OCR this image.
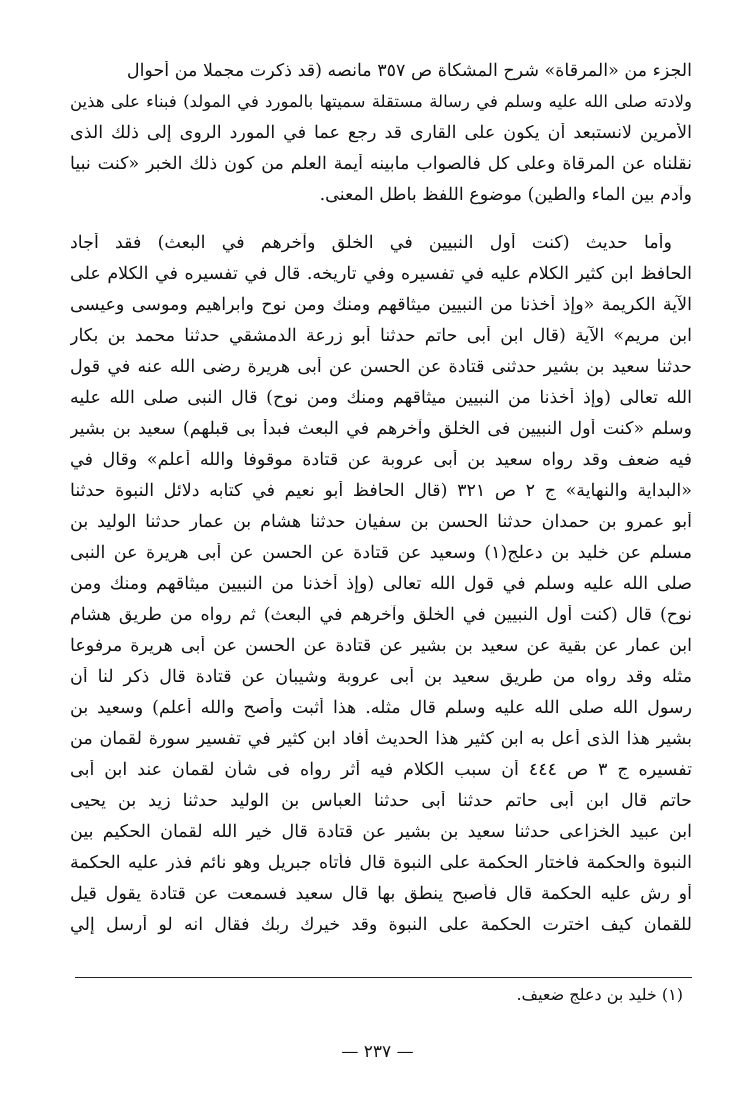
الجزء من «المرقاة» شرح المشكاة ص ٣٥٧ مانصه (قد ذكرت مجملا من أحوال
ولادته صلى الله عليه وسلم في رسالة مستقلة سميتها بالمورد في المولد) فبناء على هذين
الأمرين لانستبعد أن يكون على القارى قد رجع عما في المورد الروى إلى ذلك الذى
نقلناه عن المرقاة وعلى كل فالصواب مابينه أيمة العلم من كون ذلك الخبر «كنت نبيا
وآدم بين الماء والطين) موضوع اللفظ باطل المعنى.
وأما حديث (كنت أول النبيين في الخلق وآخرهم في البعث) فقد أجاد
الحافظ ابن كثير الكلام عليه في تفسيره وفي تاريخه. قال في تفسيره في الكلام على
الآية الكريمة «وإذ أخذنا من النبيين ميثاقهم ومنك ومن نوح وابراهيم وموسى وعيسى
ابن مريم» الآية (قال ابن أبى حاتم حدثنا أبو زرعة الدمشقي حدثنا محمد بن بكار
حدثنا سعيد بن بشير حدثنى قتادة عن الحسن عن أبى هريرة رضى الله عنه في قول
الله تعالى (وإذ أخذنا من النبيين ميثاقهم ومنك ومن نوح) قال النبى صلى الله عليه
وسلم «كنت أول النبيين فى الخلق وآخرهم في البعث فبدأ بى قبلهم) سعيد بن بشير
فيه ضعف وقد رواه سعيد بن أبى عروبة عن قتادة موقوفا والله أعلم» وقال في
«البداية والنهاية» ج ٢ ص ٣٢١ (قال الحافظ أبو نعيم في كتابه دلائل النبوة حدثنا
أبو عمرو بن حمدان حدثنا الحسن بن سفيان حدثنا هشام بن عمار حدثنا الوليد بن
مسلم عن خليد بن دعلج(١) وسعيد عن قتادة عن الحسن عن أبى هريرة عن النبى
صلى الله عليه وسلم في قول الله تعالى (وإذ أخذنا من النبيين ميثاقهم ومنك ومن
نوح) قال (كنت أول النبيين في الخلق وآخرهم في البعث) ثم رواه من طريق هشام
ابن عمار عن بقية عن سعيد بن بشير عن قتادة عن الحسن عن أبى هريرة مرفوعا
مثله وقد رواه من طريق سعيد بن أبى عروبة وشيبان عن قتادة قال ذكر لنا أن
رسول الله صلى الله عليه وسلم قال مثله. هذا أثبت وأصح والله أعلم) وسعيد بن
بشير هذا الذى أعل به ابن كثير هذا الحديث أفاد ابن كثير في تفسير سورة لقمان من
تفسيره ج ٣ ص ٤٤٤ أن سبب الكلام فيه أثر رواه فى شأن لقمان عند ابن أبى
حاتم قال ابن أبى حاتم حدثنا أبى حدثنا العباس بن الوليد حدثنا زيد بن يحيى
ابن عبيد الخزاعى حدثنا سعيد بن بشير عن قتادة قال خير الله لقمان الحكيم بين
النبوة والحكمة فاختار الحكمة على النبوة قال فأتاه جبريل وهو نائم فذر عليه الحكمة
أو رش عليه الحكمة قال فأصبح ينطق بها قال سعيد فسمعت عن قتادة يقول قيل
للقمان كيف اخترت الحكمة على النبوة وقد خيرك ربك فقال انه لو أرسل إلي
(١) خليد بن دعلج ضعيف.
— ٢٣٧ —
